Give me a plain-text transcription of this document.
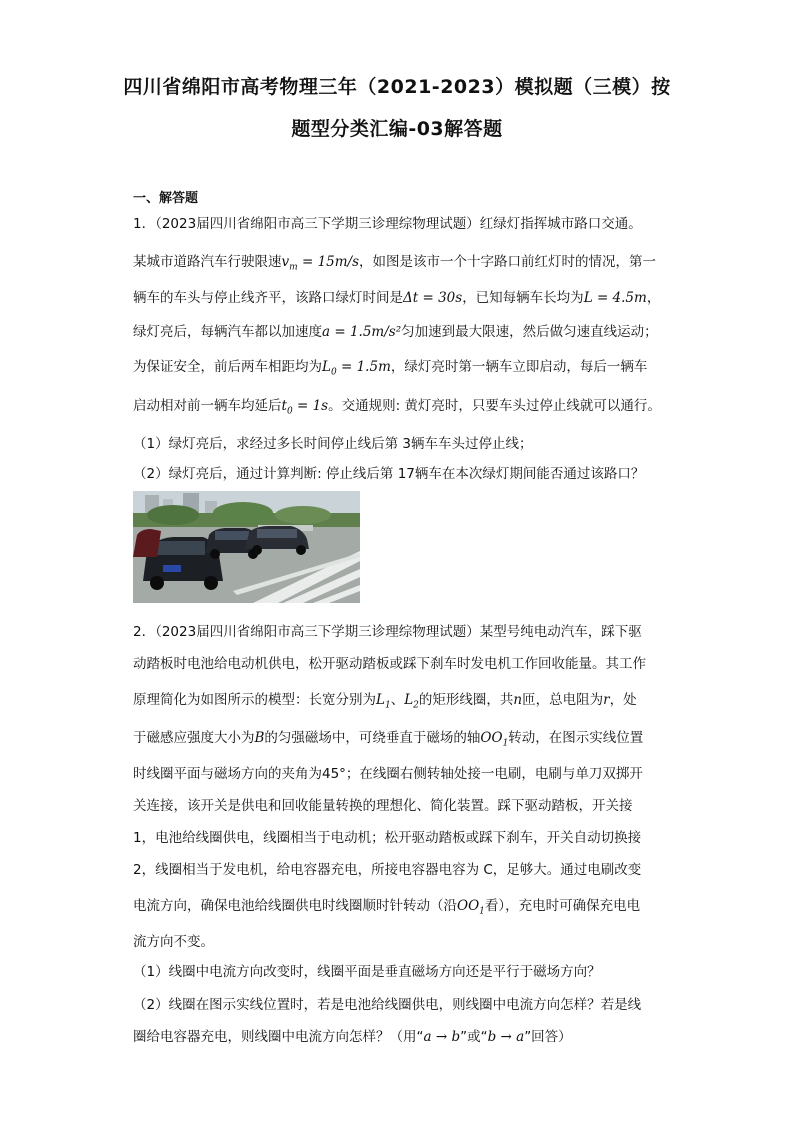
四川省绵阳市高考物理三年（2021-2023）模拟题（三模）按
题型分类汇编-03解答题
一、解答题
1．（2023届四川省绵阳市高三下学期三诊理综物理试题）红绿灯指挥城市路口交通。
某城市道路汽车行驶限速$v_m = 15m/s$，如图是该市一个十字路口前红灯时的情况，第一
辆车的车头与停止线齐平，该路口绿灯时间是Δt = 30s，已知每辆车长均为L = 4.5m，
绿灯亮后，每辆汽车都以加速度a = 1.5m/s²匀加速到最大限速，然后做匀速直线运动；
为保证安全，前后两车相距均为$L_0 = 1.5m$，绿灯亮时第一辆车立即启动，每后一辆车
启动相对前一辆车均延后$t_0 = 1s$。交通规则: 黄灯亮时，只要车头过停止线就可以通行。
（1）绿灯亮后，求经过多长时间停止线后第 3辆车车头过停止线；
（2）绿灯亮后，通过计算判断: 停止线后第 17辆车在本次绿灯期间能否通过该路口？
2．（2023届四川省绵阳市高三下学期三诊理综物理试题）某型号纯电动汽车，踩下驱
动踏板时电池给电动机供电，松开驱动踏板或踩下刹车时发电机工作回收能量。其工作
原理简化为如图所示的模型：长宽分别为$L_1$、$L_2$的矩形线圈，共n匝，总电阻为r，处
于磁感应强度大小为B的匀强磁场中，可绕垂直于磁场的轴$OO_1$转动，在图示实线位置
时线圈平面与磁场方向的夹角为45°；在线圈右侧转轴处接一电刷，电刷与单刀双掷开
关连接，该开关是供电和回收能量转换的理想化、简化装置。踩下驱动踏板，开关接
1，电池给线圈供电，线圈相当于电动机；松开驱动踏板或踩下刹车，开关自动切换接
2，线圈相当于发电机，给电容器充电，所接电容器电容为 C，足够大。通过电刷改变
电流方向，确保电池给线圈供电时线圈顺时针转动（沿$OO_1$看），充电时可确保充电电
流方向不变。
（1）线圈中电流方向改变时，线圈平面是垂直磁场方向还是平行于磁场方向？
（2）线圈在图示实线位置时，若是电池给线圈供电，则线圈中电流方向怎样？若是线
圈给电容器充电，则线圈中电流方向怎样？（用“a → b”或“b → a”回答）
